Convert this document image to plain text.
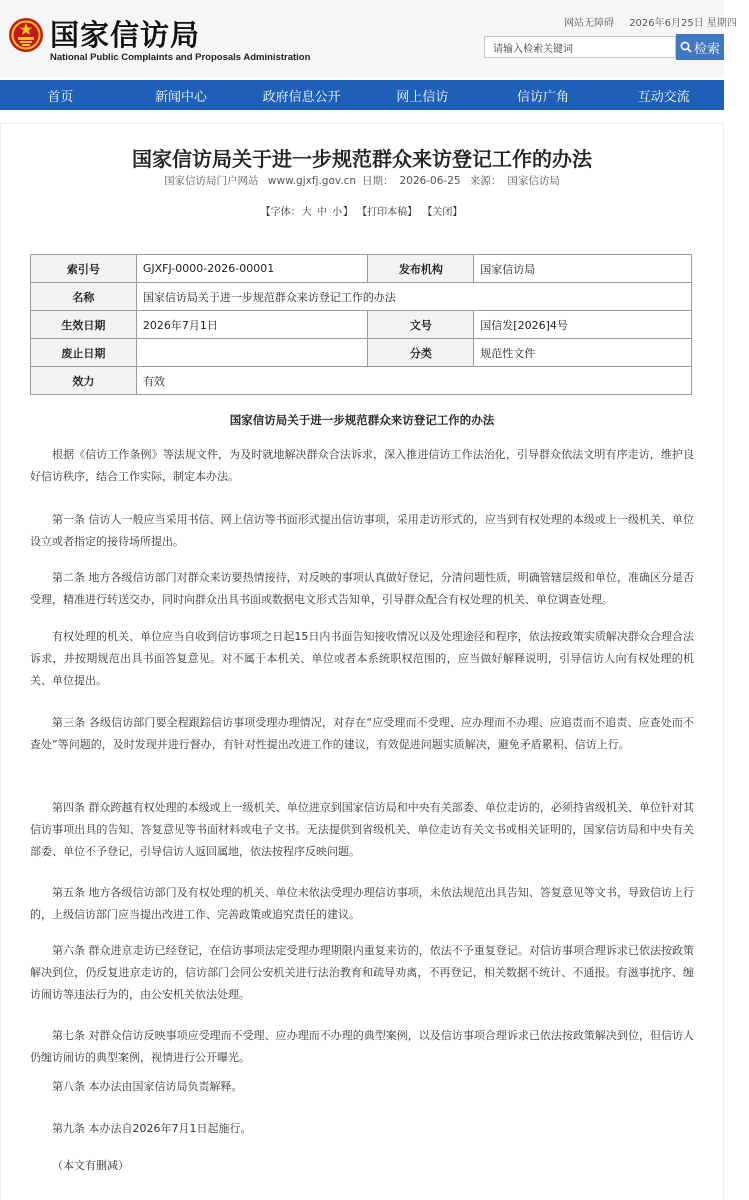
国家信访局
National Public Complaints and Proposals Administration
网站无障碍 2026年6月25日 星期四
请输入检索关键词
检索
首页	新闻中心	政府信息公开	网上信访	信访广角	互动交流
国家信访局关于进一步规范群众来访登记工作的办法
国家信访局门户网站 www.gjxfj.gov.cn 日期： 2026-06-25 来源： 国家信访局
【字体：大 中 小】 【打印本稿】 【关闭】
索引号	GJXFJ-0000-2026-00001	发布机构	国家信访局
名称	国家信访局关于进一步规范群众来访登记工作的办法		
生效日期	2026年7月1日	文号	国信发[2026]4号
废止日期		分类	规范性文件
效力	有效		
国家信访局关于进一步规范群众来访登记工作的办法

根据《信访工作条例》等法规文件，为及时就地解决群众合法诉求，深入推进信访工作法治化，引导群众依法文明有序走访，维护良好信访秩序，结合工作实际，制定本办法。

第一条 信访人一般应当采用书信、网上信访等书面形式提出信访事项，采用走访形式的，应当到有权处理的本级或上一级机关、单位设立或者指定的接待场所提出。

第二条 地方各级信访部门对群众来访要热情接待，对反映的事项认真做好登记，分清问题性质，明确管辖层级和单位，准确区分是否受理，精准进行转送交办，同时向群众出具书面或数据电文形式告知单，引导群众配合有权处理的机关、单位调查处理。

有权处理的机关、单位应当自收到信访事项之日起15日内书面告知接收情况以及处理途径和程序，依法按政策实质解决群众合理合法诉求，并按期规范出具书面答复意见。对不属于本机关、单位或者本系统职权范围的，应当做好解释说明，引导信访人向有权处理的机关、单位提出。

第三条 各级信访部门要全程跟踪信访事项受理办理情况，对存在“应受理而不受理、应办理而不办理、应追责而不追责、应查处而不查处”等问题的，及时发现并进行督办，有针对性提出改进工作的建议，有效促进问题实质解决，避免矛盾累积、信访上行。

第四条 群众跨越有权处理的本级或上一级机关、单位进京到国家信访局和中央有关部委、单位走访的，必须持省级机关、单位针对其信访事项出具的告知、答复意见等书面材料或电子文书。无法提供到省级机关、单位走访有关文书或相关证明的，国家信访局和中央有关部委、单位不予登记，引导信访人返回属地，依法按程序反映问题。

第五条 地方各级信访部门及有权处理的机关、单位未依法受理办理信访事项，未依法规范出具告知、答复意见等文书，导致信访上行的，上级信访部门应当提出改进工作、完善政策或追究责任的建议。

第六条 群众进京走访已经登记，在信访事项法定受理办理期限内重复来访的，依法不予重复登记。对信访事项合理诉求已依法按政策解决到位，仍反复进京走访的，信访部门会同公安机关进行法治教育和疏导劝离，不再登记，相关数据不统计、不通报。有滋事扰序、缠访闹访等违法行为的，由公安机关依法处理。

第七条 对群众信访反映事项应受理而不受理、应办理而不办理的典型案例，以及信访事项合理诉求已依法按政策解决到位，但信访人仍缠访闹访的典型案例，视情进行公开曝光。

第八条 本办法由国家信访局负责解释。

第九条 本办法自2026年7月1日起施行。

（本文有删减）
